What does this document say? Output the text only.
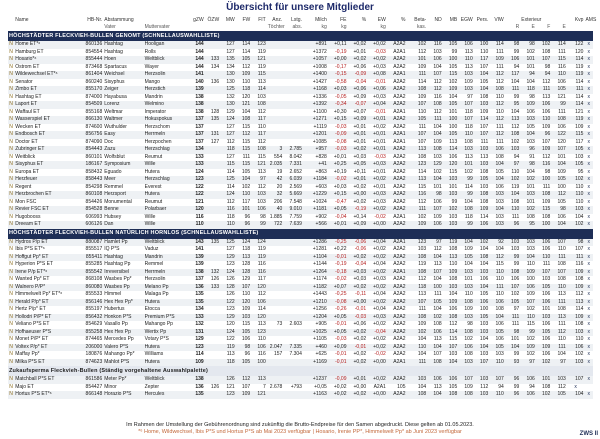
Übersicht für unsere Mitglieder
	Name	HB-Nr.	Abstammung		gZW	ÖZW	MW	FW	FIT	Anz.	Lstg.	Milch	FE	%	EW	%	Beta-	ND	MB	EGW	Pers.	VIW		Exterieur			Kvp	AMS
			Vater	Muttervater						Töchter	abs.	kg	kg		kg		kas.						R	E	F	E		
HÖCHSTÄDTER FLECKVIEH-BULLEN GENOMT (SCHNELLAUSWAHLLISTE)																												
N	Home ET*⁶	860136	Hashtag	Hooligan	144		127	114	123			+891	+0,11	+0,02	+0,02	A2A2	102	116	105	106	100	114	98	98	102	114	122	x
N	Hamburg ET	854554	Hashtag	Rolls	144		127	114	119			+1372	-0,19	+0,01	-0,03	A2A1	112	103	99	113	110	111	99	102	108	111	120	x
N	Hosario*⁶	855444	Hoen	Weltblick	144	133	135	105	121			+1057	+0,00	+0,02	+0,02	A2A2	101	106	100	110	117	109	106	101	107	115	114	x
N	Ostrom ET	873468	Spartacus	Wayer	144	134	134	112	119			+1008	-0,17	+0,06	+0,03	A2A2	109	104	105	113	107	111	94	101	98	116	119	x
N	Wildewechsel ET*⁶	861404	Weichsel	Herzsolin	141		130	109	115			+1400	-0,15	-0,09	+0,08	A2A1	111	107	115	103	104	112	117	94	94	110	119	x
N	Senator	860240	Sisyphus	Mango	140	136	130	110	113			+1427	-0,58	-0,04	-0,01	A2A2	114	112	102	109	105	112	104	104	112	106	114	x
N	Zimbo ET	855170	Zeiger	Herzstich	139		125	118	114			+1168	+0,03	+0,06	+0,06	A2A2	108	112	109	103	104	108	111	118	111	105	111	x
N	Hashtag ET	874000	Hayabusa	Mandrin	138		132	120	103			+1336	-0,05	+0,09	+0,03	A2A2	109	116	104	97	108	110	99	98	113	121	114	x
N	Laport ET	854509	Lorenz	Welmino	138		130	121	108			+1392	-0,34	-0,07	+0,04	A2A2	107	108	105	107	103	112	95	109	106	99	114	x
N	Waffaul ET	855168	Weltmar	Imperator	138	128	129	104	112			+1100	+0,30	+0,07	-0,01	A2A1	110	112	101	118	109	110	104	106	106	111	121	x
N	Wasserspiel ET	866130	Waltmer	Hokuspokus	137	135	124	108	117			+1271	+0,15	+0,09	+0,01	A2A2	105	111	100	107	114	112	113	103	110	108	119	x
N	Wecken ET	874600	Wuthulder	Herzschom	137		127	115	110			+1119	-0,03	+0,01	+0,02	A2A2	111	104	100	118	107	111	112	105	109	106	109	x
N	Endbosch ET	856756	Easy	Herrmeln	137	131	127	112	117			+1201	-0,09	+0,01	+0,01	A2A1	107	104	105	110	107	112	108	104	96	122	115	x
N	Doctor ET	874090	Doc	Herzpochen	137	127	112	115	112			+1085	-0,08	+0,01	+0,01	A2A1	107	109	113	108	111	111	102	103	107	120	117	x
N	Zubringer ET	854443	Zazu	Herzschlag	134		118	115	108	3	2.785	+957	-0,03	+0,02	+0,01	A2A2	113	108	114	103	103	106	103	96	109	107	105	x
N	Weitblick	860101	Wolfsblut	Reumut	133		127	111	115	554	8.042	+828	+0,01	+0,03	-0,03	A2A2	108	103	106	113	113	108	94	91	112	101	103	x
N	Sisyphus ET	186167	Symposium	Wille	133		115	115	121	2.035	7.331	+41	+0,25	+0,05	+0,03	A2A2	123	129	120	101	103	104	97	98	116	104	105	x
N	Europa ET	858432	Eguado	Hutera	124		114	105	113	19	2.652	+863	+0,19	+0,11	+0,01	A2A2	114	102	115	102	108	105	110	104	98	109	95	x
N	Herzfeuer	858443	Meer	Herzschlag	123		125	104	97	42	6.039	+1184	-0,02	+0,01	+0,02	A2A2	113	104	103	99	105	104	102	102	100	105	102	x
N	Regent	854298	Remmel	Everest	122		114	102	112	20	2.569	+603	+0,03	+0,02	+0,01	A2A2	115	101	101	114	103	106	119	101	111	100	110	x
N	Herzbrochen ET	860108	Herzsport	Hutera	122		124	110	103	32	5.669	+1229	+0,15	+0,00	+0,03	A2A2	116	98	103	99	108	103	104	103	108	112	110	x
N	Mon FSC	854426	Monumental	Reumut	121		112	117	103	206	7.548	+1024	-0,47	+0,02	+0,03	A2A2	112	106	99	104	108	103	108	101	109	105	110	x
N	Revier FSC ET	854528	Benne	Polarbaer	120		116	101	106	40	9.010	+1181	+0,05	-0,19	+0,02	A2A2	111	107	102	108	109	104	110	102	115	98	103	x
N	Hugobooss	606993	Hubsey	Wille	116		118	96	98	1.885	7.759	+902	-0,04	+0,14	-0,02	A2A1	102	109	103	118	114	103	111	108	108	106	104	x
N	Dreeam ET	606126	Dan	Wille	110		110	96	99	722	7.639	+566	+0,01	+0,09	+0,00	A2A2	109	106	103	99	106	103	96	95	100	104	102	x
HÖCHSTÄDTER FLECKVIEH-BULLEN NATÜRLICH HORNLOS (SCHNELLAUSWAHLLISTE)																												
N	Hydros P/p ET	880087	Hamlet Pp	Weltblick	143	135	125	124	124			+1286	-0,25	-0,06	+0,04	A2A1	123	97	119	104	102	92	103	103	106	107	98	x
N	Ibis P*S ET*⁶	855517	IQ P*S	Vaduz	141		127	118	119			+1281	+0,22	-0,06	+0,02	A2A2	103	112	108	109	104	104	103	103	106	110	107	x
N	Hoffgut Pp* ET	855411	Hashtag	Mandrin	139		129	113	119			+1104	-0,01	+0,02	+0,02	A2A2	108	104	113	105	108	112	99	104	110	111	111	x
N	Hyperion P*S ET	855285	Hashtag Pp	Remmel	139		123	128	116			+1144	-0,19	-0,04	+0,04	A2A2	119	113	110	104	104	115	99	110	111	108	116	x
N	Irene P/p ET*⁶	855542	Irreversibel	Herrmeln	138	132	124	128	116			+1264	-0,18	+0,03	+0,02	A2A1	108	107	109	103	103	110	108	109	107	107	109	x
N	Wanted Pp* ET	868108	Wasbes Pp*	Herzsolin	137	126	126	129	117			+1174	-0,02	+0,03	+0,03	A2A2	112	104	108	101	106	110	106	100	103	108	108	x
N	Walnero P/P*	860080	Wasbes Pp	Melano Pp	136	133	128	107	120			+1182	+0,07	+0,02	+0,02	A2A2	118	100	103	103	104	111	107	106	105	110	109	x
N	Himmelwelt Pp* ET*⁶	855533	Himmel	Malaga Pp	135		126	110	112			+1443	-0,25	-0,11	+0,04	A2A2	113	111	104	110	105	110	102	109	106	113	112	x
N	Herald P/p* ET	856146	Hex Hex Pp*	Hutera	135		122	120	106			+1210	-0,08	+0,00	+0,02	A2A2	107	105	109	108	106	106	105	107	106	111	113	x
N	Hertz P/p* ET	855197	Hubertus	Etocca	134		123	109	114			+1256	-0,26	-0,01	+0,04	A2A2	111	104	106	109	100	108	97	102	101	108	114	x
N	Hollodri P/P* ET	856432	Honkon P*S	Premium P*S	133		129	103	120			+1204	+0,05	-0,03	+0,03	A2A2	108	102	108	103	105	104	111	110	103	113	109	x
N	Veliano P*S ET	854629	Vasallo Pp	Mahango Pp	132		120	115	113	73	2.603	+905	-0,01	+0,06	+0,02	A2A2	109	108	112	98	103	106	111	115	106	111	108	x
N	Hofhaeuser P*S	855258	Hex Hex Pp	Wertix Pp	131		124	105	123			+1025	+0,05	+0,02	-0,04	A2A2	102	106	114	108	103	105	98	99	105	112	103	x
N	Monet P/P* ET	874465	Mercedes Pp	Votary P*S	129		122	106	110			+1105	-0,03	+0,02	+0,02	A2A2	104	113	115	102	104	106	101	102	106	110	110	x
N	Voltex P/p* ET	206000	Valero P*S	Hutera	123		119	98	106	2.047	7.335	+460	+0,09	-0,01	+0,02	A2A2	110	104	107	106	104	105	104	109	109	111	106	x
N	Maffay Pp*	180876	Mahango Pp*	Williams	114		113	96	116	157	7.304	+625	-0,01	+0,02	-0,02	A2A2	104	107	103	108	103	103	99	102	106	104	102	x
N	Milka P*S ET	874623	Mahlot P*S	Hutera	109		118	105	100			+1169	-0,01	+0,02	+0,00	A2A1	111	108	104	103	107	110	93	97	102	97	103	x
Zukaufsperma Fleckvieh-Bullen (Ständig vorgehaltene Auswahlpalette)																												
N	Matchball P*S ET	861586	Meter Pp*	Weltblick	138		126	112	113			+1237	-0,09	+0,01	+0,02	A2A2	103	106	106	107	103	107	96	106	101	103	107	x
N	Majo ET	854427	Minor	Zepter	136	126	121	107	7	2.678	+793	+0,05	+0,02	+0,00	A2A1	105	104	113	105	109	112	94	99	94	108	112	x	
N	Hortus P*S ET*⁶	866148	Horazio P*S	Hercules	135		123	109	121			+1163	+0,02	+0,02	+0,00	A2A2	108	104	108	108	103	110	96	106	102	105	104	x
Im Rahmen der Umstellung der Gebührenordnung sind zukünftig die Brutto-Endpreise für den Samen abgedruckt. Diese gelten ab 01.05.2023.
*⁶ Home, Wildwechsel, Ibis P*S und Hortus P*S ab Mai 2023 verfügbar | Hosario, Irenie PP*, Himmelwelt Pp* ab Juni 2023 verfügbar	ZWS II
